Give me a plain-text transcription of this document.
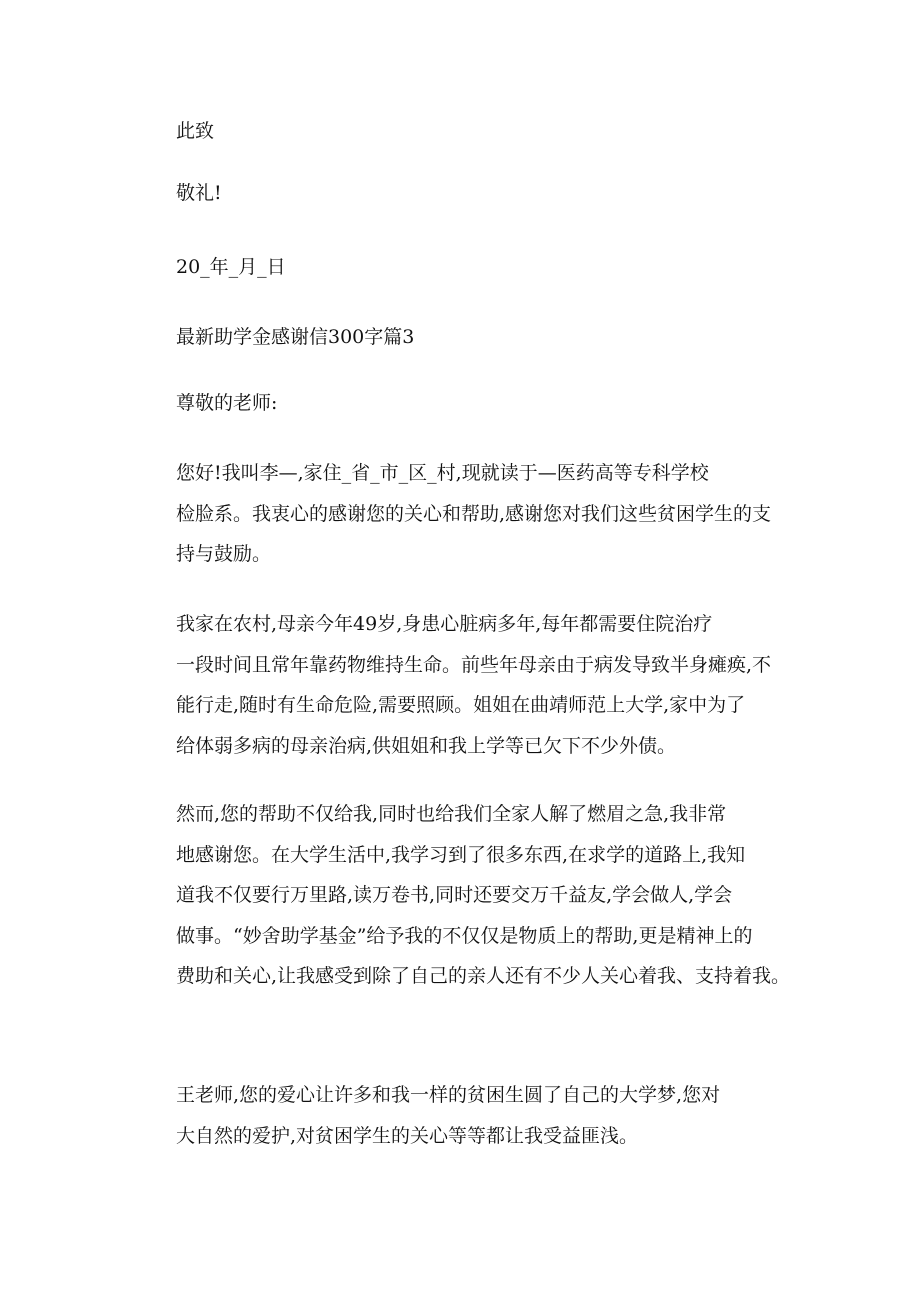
此致
敬礼!
20_年_月_日
最新助学金感谢信300字篇3
尊敬的老师:
您好!我叫李—,家住_省_市_区_村,现就读于—医药高等专科学校
检脸系。我衷心的感谢您的关心和帮助,感谢您对我们这些贫困学生的支
持与鼓励。
我家在农村,母亲今年49岁,身患心脏病多年,每年都需要住院治疗
一段时间且常年靠药物维持生命。前些年母亲由于病发导致半身瘫痪,不
能行走,随时有生命危险,需要照顾。姐姐在曲靖师范上大学,家中为了
给体弱多病的母亲治病,供姐姐和我上学等已欠下不少外债。
然而,您的帮助不仅给我,同时也给我们全家人解了燃眉之急,我非常
地感谢您。在大学生活中,我学习到了很多东西,在求学的道路上,我知
道我不仅要行万里路,读万卷书,同时还要交万千益友,学会做人,学会
做事。“妙舍助学基金”给予我的不仅仅是物质上的帮助,更是精神上的
费助和关心,让我感受到除了自己的亲人还有不少人关心着我、支持着我。
王老师,您的爱心让许多和我一样的贫困生圆了自己的大学梦,您对
大自然的爱护,对贫困学生的关心等等都让我受益匪浅。
